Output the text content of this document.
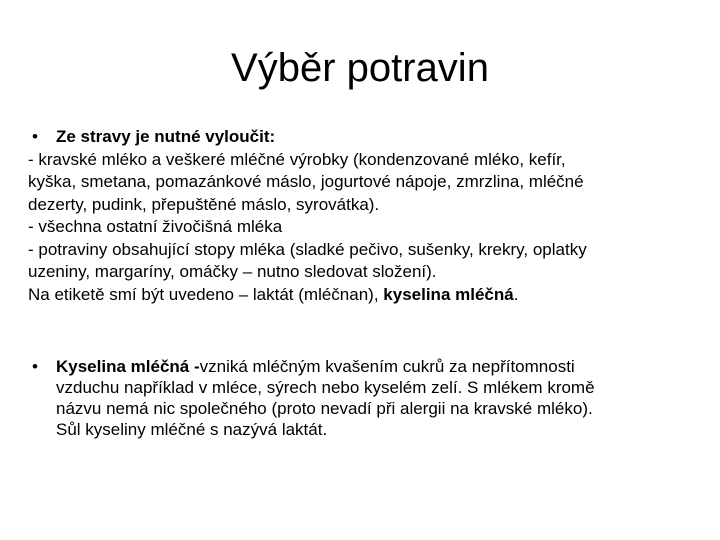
Výběr potravin
•	Ze stravy je nutné vyloučit:
- kravské mléko a veškeré mléčné výrobky (kondenzované mléko, kefír,
kyška, smetana, pomazánkové máslo, jogurtové nápoje, zmrzlina, mléčné
dezerty, pudink, přepuštěné máslo, syrovátka).
- všechna ostatní živočišná mléka
- potraviny obsahující stopy mléka (sladké pečivo, sušenky, krekry, oplatky
uzeniny, margaríny, omáčky – nutno sledovat složení).
Na etiketě smí být uvedeno – laktát (mléčnan), kyselina mléčná.
•	Kyselina mléčná -vzniká mléčným kvašením cukrů za nepřítomnosti
vzduchu například v mléce, sýrech nebo kyselém zelí. S mlékem kromě
názvu nemá nic společného (proto nevadí při alergii na kravské mléko).
Sůl kyseliny mléčné s nazývá laktát.
